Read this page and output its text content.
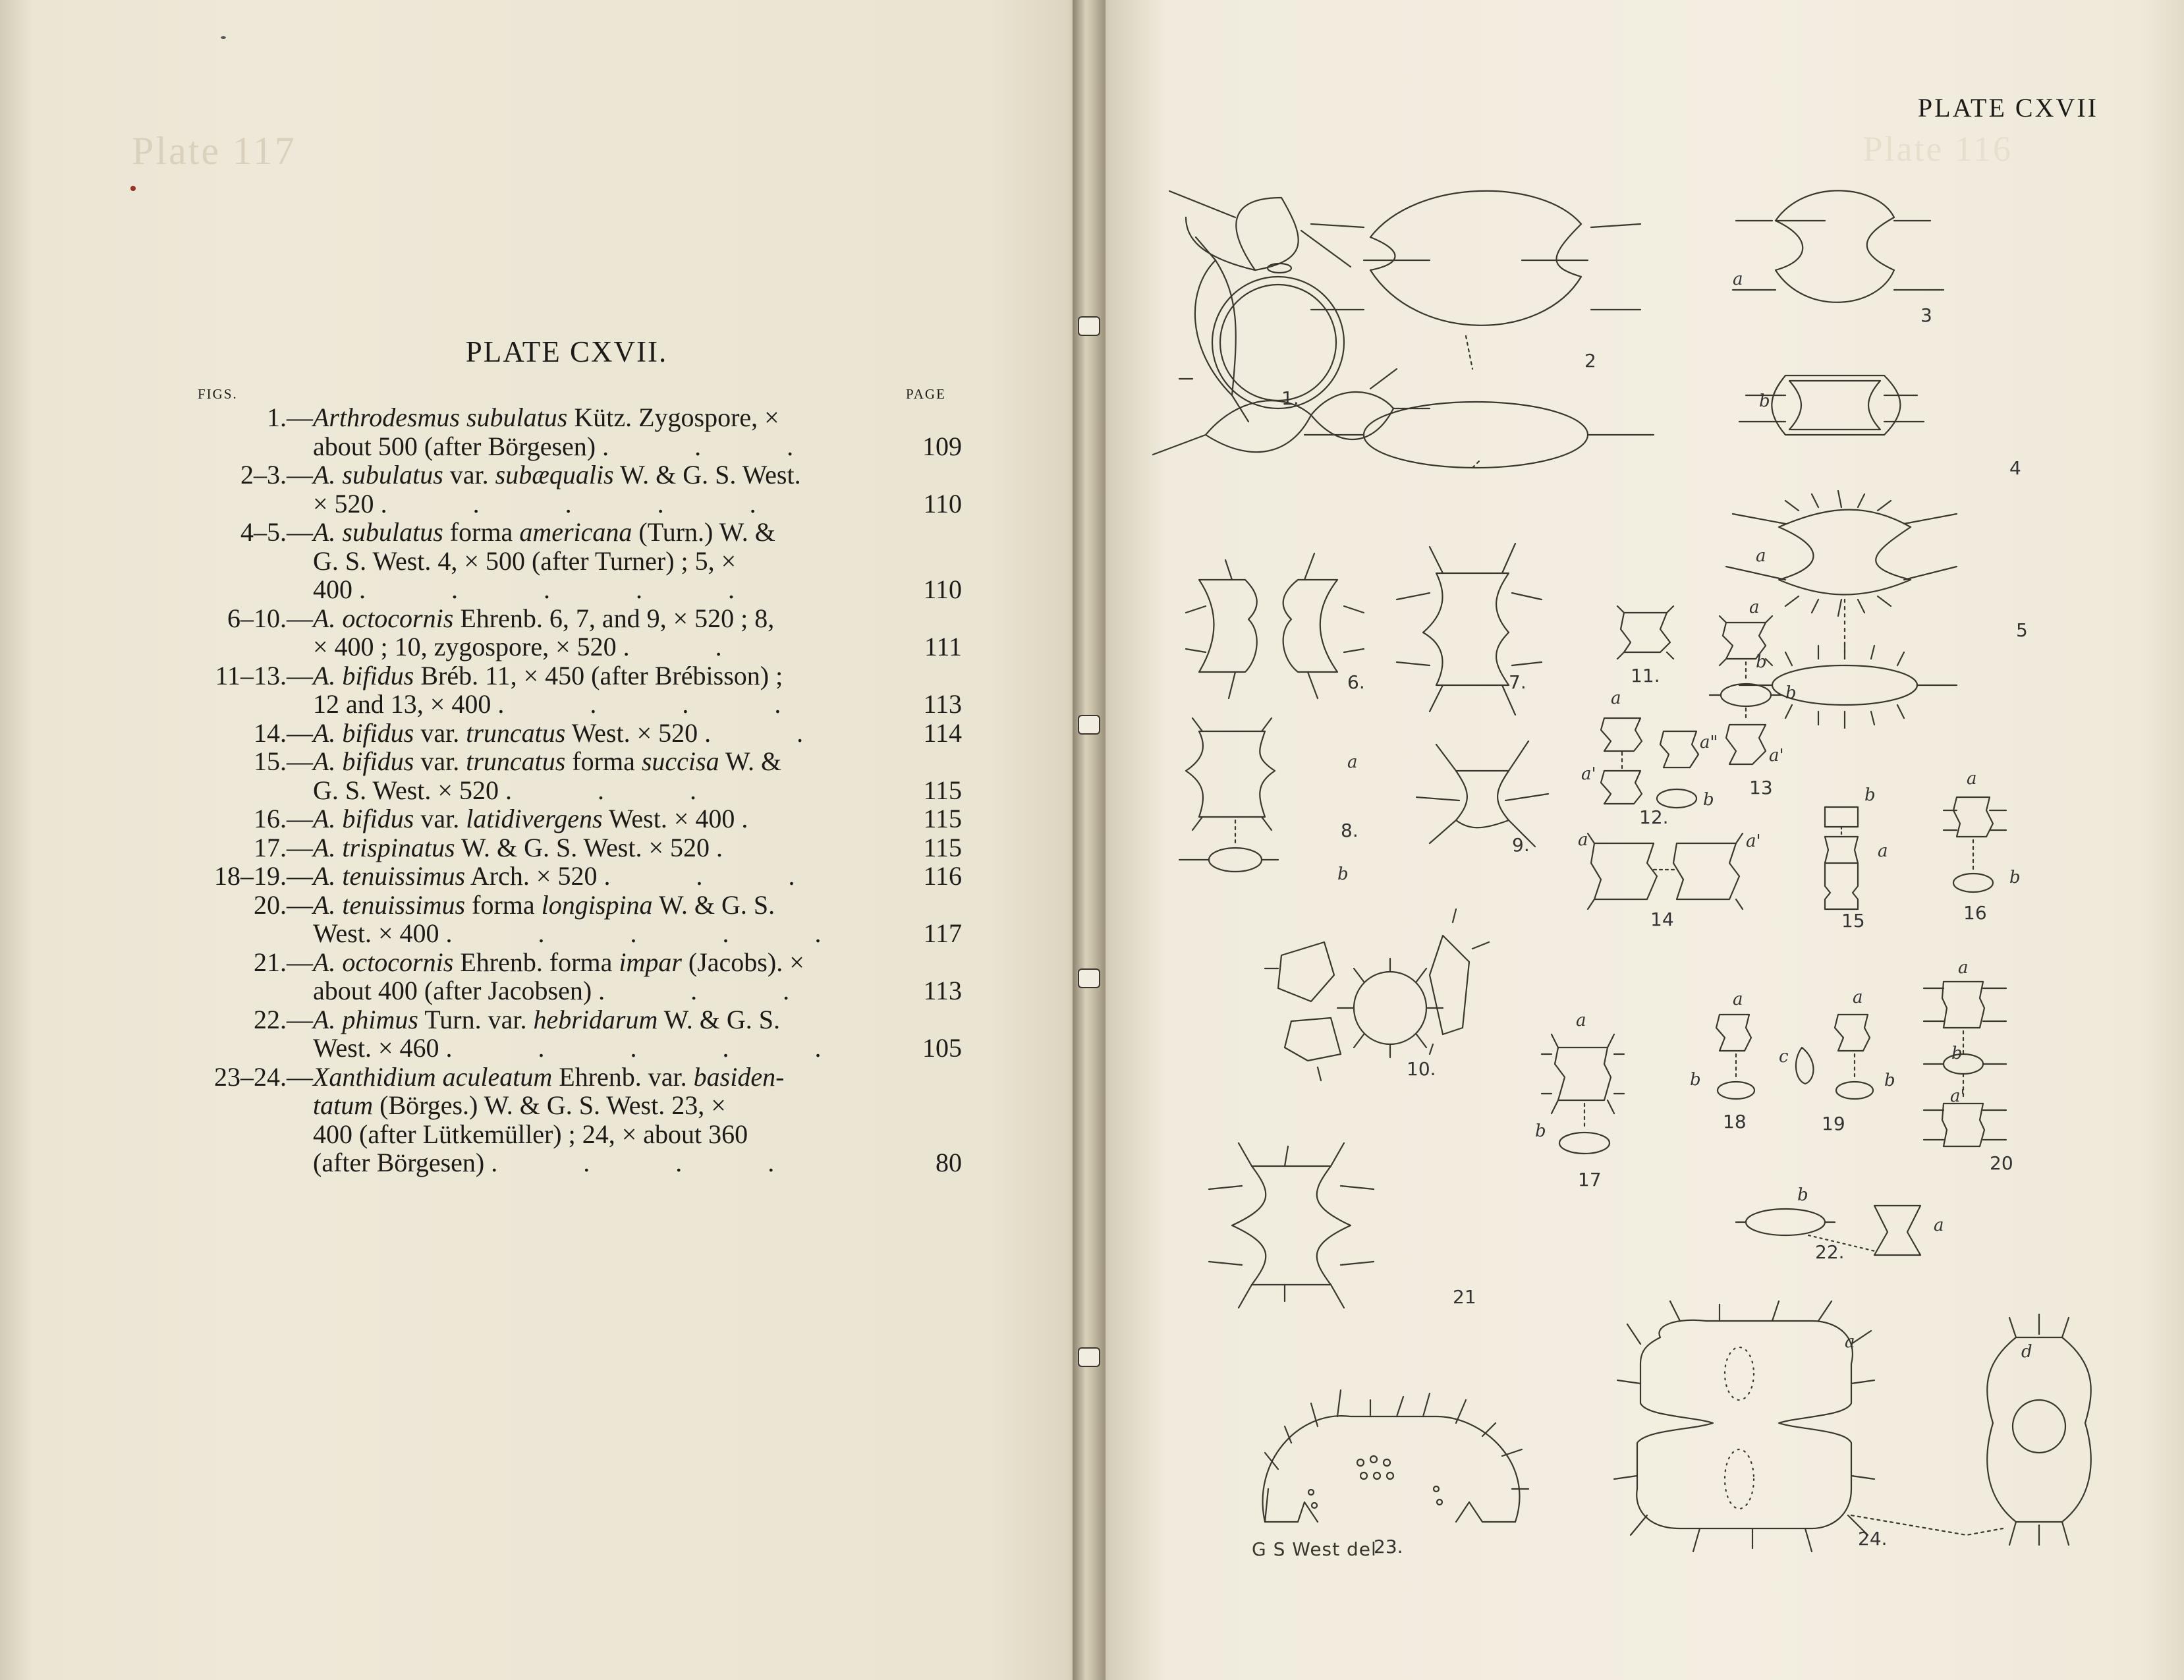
Plate 117
PLATE CXVII.
FIGS.	PAGE
1.— Arthrodesmus subulatus Kütz. Zygospore, ×
about 500 (after Börgesen) . . .	109
2–3.— A. subulatus var. subæqualis W. & G. S. West.
× 520 . . . . .	110
4–5.— A. subulatus forma americana (Turn.) W. &
G. S. West. 4, × 500 (after Turner) ; 5, ×
400 . . . . .	110
6–10.— A. octocornis Ehrenb. 6, 7, and 9, × 520 ; 8,
× 400 ; 10, zygospore, × 520 . .	111
11–13.— A. bifidus Bréb. 11, × 450 (after Brébisson) ;
12 and 13, × 400 . . . .	113
14.— A. bifidus var. truncatus West. × 520 . .	114
15.— A. bifidus var. truncatus forma succisa W. &
G. S. West. × 520 . . .	115
16.— A. bifidus var. latidivergens West. × 400 .	115
17.— A. trispinatus W. & G. S. West. × 520 .	115
18–19.— A. tenuissimus Arch. × 520 . . .	116
20.— A. tenuissimus forma longispina W. & G. S.
West. × 400 . . . . .	117
21.— A. octocornis Ehrenb. forma impar (Jacobs). ×
about 400 (after Jacobsen) . . .	113
22.— A. phimus Turn. var. hebridarum W. & G. S.
West. × 460 . . . . .	105
23–24.— Xanthidium aculeatum Ehrenb. var. basiden-
tatum (Börges.) W. & G. S. West. 23, ×
400 (after Lütkemüller) ; 24, × about 360
(after Börgesen) . . . .	80
Plate 116
PLATE CXVII
1.
2
3
4
5
6.	7.
8.
9.
10.
11.
12.
13
14	15	16
17
18	19
20
21
22.
23.	24.
a
b
a
b
a
b
a
b
a
a'
a"
b
a'
a	a'
b
a
a
b
a
b
a
b
c
a
b
a
b
a'
b
a
a	d
G S West del
